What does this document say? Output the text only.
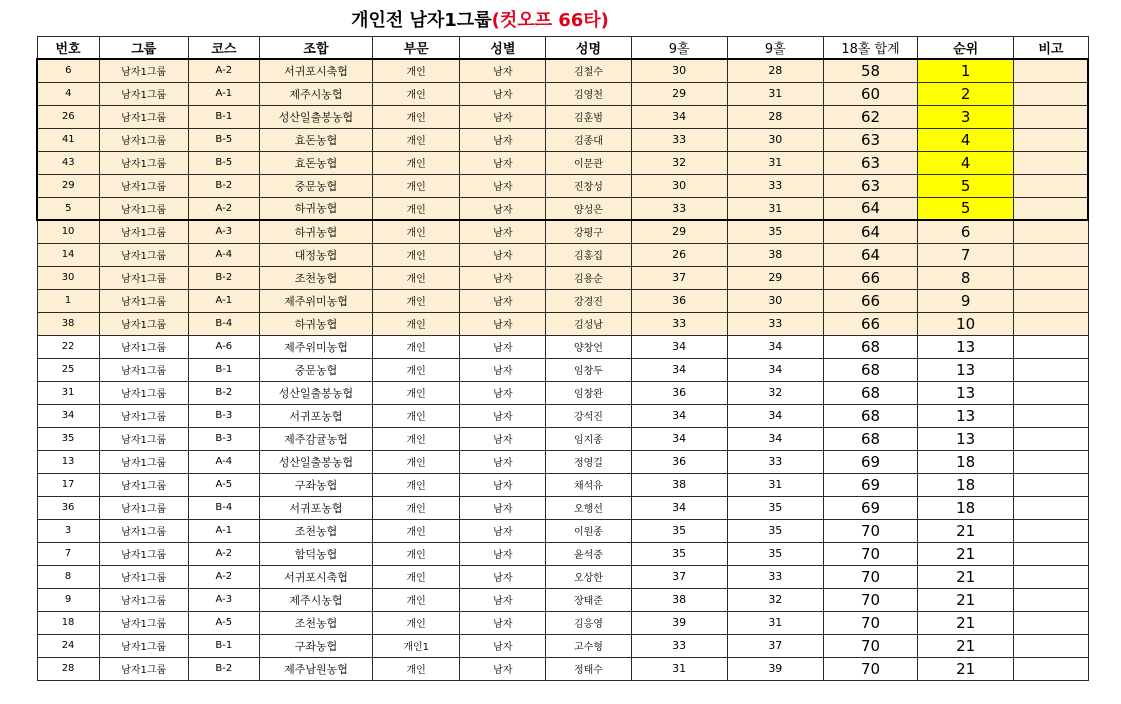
개인전 남자1그룹(컷오프 66타)
번호	그룹	코스	조합	부문	성별	성명	9홀	9홀	18홀 합계	순위	비고
6	남자1그룹	A-2	서귀포시축협	개인	남자	김철수	30	28	58	1	
4	남자1그룹	A-1	제주시농협	개인	남자	김영천	29	31	60	2	
26	남자1그룹	B-1	성산일출봉농협	개인	남자	김훈범	34	28	62	3	
41	남자1그룹	B-5	효돈농협	개인	남자	김종대	33	30	63	4	
43	남자1그룹	B-5	효돈농협	개인	남자	이문관	32	31	63	4	
29	남자1그룹	B-2	중문농협	개인	남자	진창성	30	33	63	5	
5	남자1그룹	A-2	하귀농협	개인	남자	양성은	33	31	64	5	
10	남자1그룹	A-3	하귀농협	개인	남자	강평구	29	35	64	6	
14	남자1그룹	A-4	대정농협	개인	남자	김홍집	26	38	64	7	
30	남자1그룹	B-2	조천농협	개인	남자	김용순	37	29	66	8	
1	남자1그룹	A-1	제주위미농협	개인	남자	강경진	36	30	66	9	
38	남자1그룹	B-4	하귀농협	개인	남자	김성남	33	33	66	10	
22	남자1그룹	A-6	제주위미농협	개인	남자	양창언	34	34	68	13	
25	남자1그룹	B-1	중문농협	개인	남자	임창두	34	34	68	13	
31	남자1그룹	B-2	성산일출봉농협	개인	남자	임창완	36	32	68	13	
34	남자1그룹	B-3	서귀포농협	개인	남자	강석진	34	34	68	13	
35	남자1그룹	B-3	제주감귤농협	개인	남자	임지종	34	34	68	13	
13	남자1그룹	A-4	성산일출봉농협	개인	남자	정영길	36	33	69	18	
17	남자1그룹	A-5	구좌농협	개인	남자	채석유	38	31	69	18	
36	남자1그룹	B-4	서귀포농협	개인	남자	오행선	34	35	69	18	
3	남자1그룹	A-1	조천농협	개인	남자	이원종	35	35	70	21	
7	남자1그룹	A-2	함덕농협	개인	남자	윤석중	35	35	70	21	
8	남자1그룹	A-2	서귀포시축협	개인	남자	오상한	37	33	70	21	
9	남자1그룹	A-3	제주시농협	개인	남자	장태준	38	32	70	21	
18	남자1그룹	A-5	조천농협	개인	남자	김응영	39	31	70	21	
24	남자1그룹	B-1	구좌농협	개인1	남자	고수형	33	37	70	21	
28	남자1그룹	B-2	제주남원농협	개인	남자	정태수	31	39	70	21	
